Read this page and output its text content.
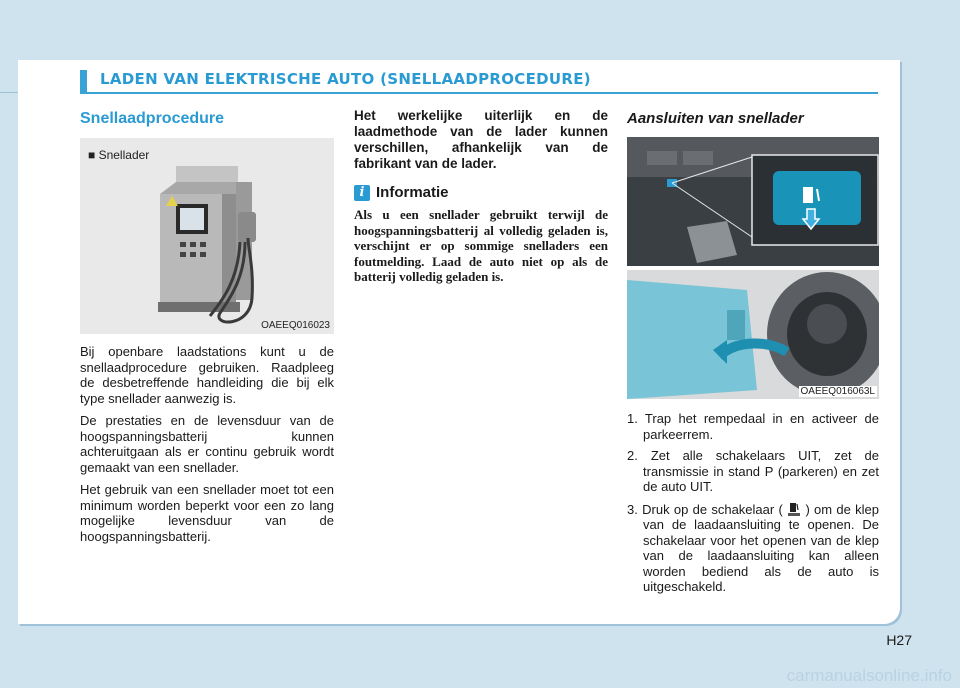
LADEN VAN ELEKTRISCHE AUTO (SNELLAADPROCEDURE)
Snellaadprocedure
■ Snellader
OAEEQ016023

Bij openbare laadstations kunt u de snellaadprocedure gebruiken. Raadpleeg de desbetreffende handleiding die bij elk type snellader aanwezig is.

De prestaties en de levensduur van de hoogspanningsbatterij kunnen achteruitgaan als er continu gebruik wordt gemaakt van een snellader.

Het gebruik van een snellader moet tot een minimum worden beperkt voor een zo lang mogelijke levensduur van de hoogspanningsbatterij.

Het werkelijke uiterlijk en de laadmethode van de lader kunnen verschillen, afhankelijk van de fabrikant van de lader.

i Informatie

Als u een snellader gebruikt terwijl de hoogspanningsbatterij al volledig geladen is, verschijnt er op sommige snelladers een foutmelding. Laad de auto niet op als de batterij volledig geladen is.

Aansluiten van snellader
OAEEQ016063L
1. Trap het rempedaal in en activeer de parkeerrem.
2. Zet alle schakelaars UIT, zet de transmissie in stand P (parkeren) en zet de auto UIT.
3. Druk op de schakelaar ( ) om de klep van de laadaansluiting te openen. De schakelaar voor het openen van de klep van de laadaansluiting kan alleen worden bediend als de auto is uitgeschakeld.
H27
carmanualsonline.info
